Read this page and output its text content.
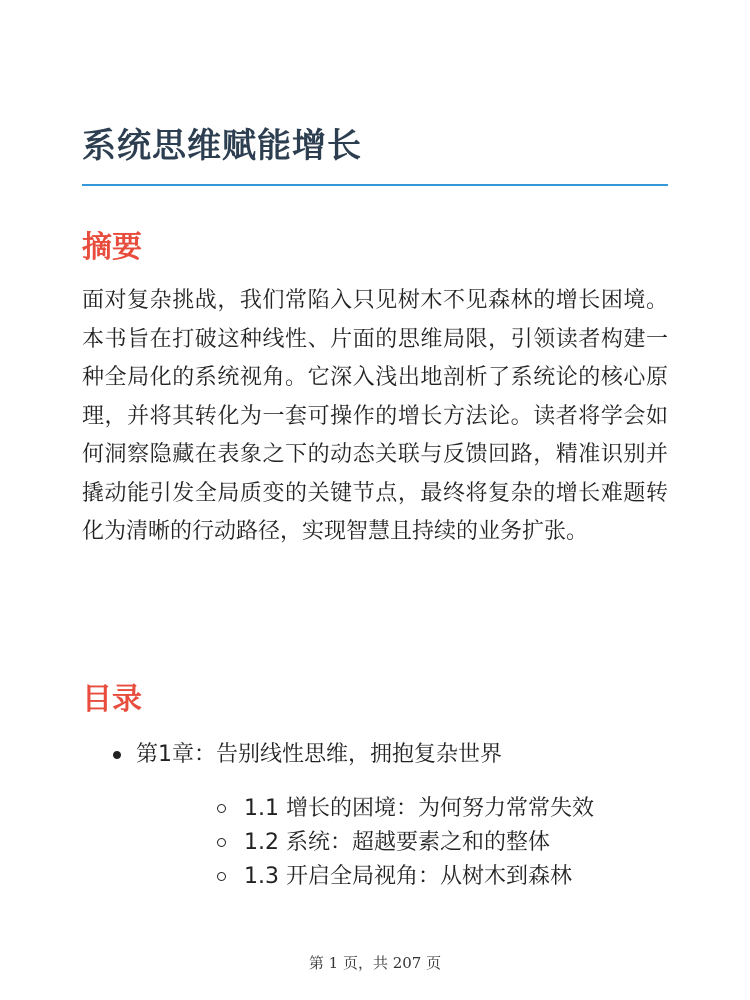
系统思维赋能增长
摘要

面对复杂挑战，我们常陷入只见树木不见森林的增长困境。本书旨在打破这种线性、片面的思维局限，引领读者构建一种全局化的系统视角。它深入浅出地剖析了系统论的核心原理，并将其转化为一套可操作的增长方法论。读者将学会如何洞察隐藏在表象之下的动态关联与反馈回路，精准识别并撬动能引发全局质变的关键节点，最终将复杂的增长难题转化为清晰的行动路径，实现智慧且持续的业务扩张。

目录
第1章：告别线性思维，拥抱复杂世界
1.1 增长的困境：为何努力常常失效
1.2 系统：超越要素之和的整体
1.3 开启全局视角：从树木到森林
第 1 页，共 207 页
